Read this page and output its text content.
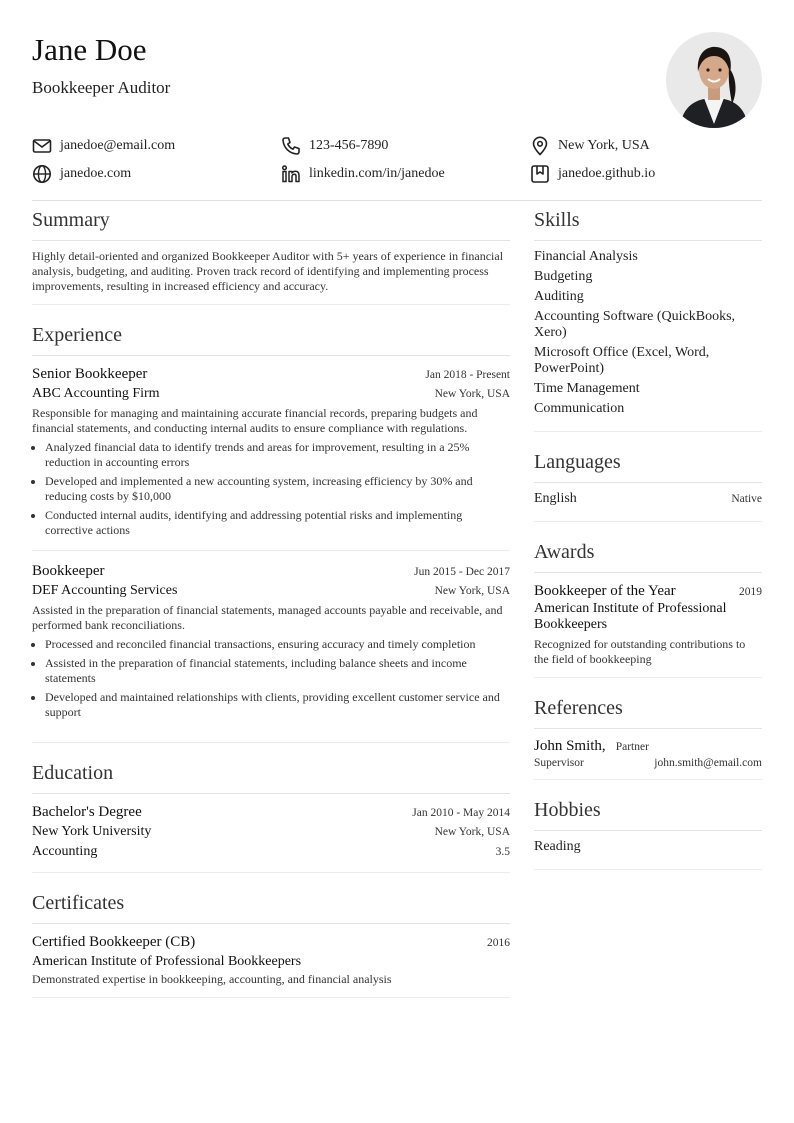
Jane Doe
Bookkeeper Auditor
janedoe@email.com	123-456-7890	New York, USA
janedoe.com	linkedin.com/in/janedoe	janedoe.github.io
Summary
Highly detail-oriented and organized Bookkeeper Auditor with 5+ years of experience in financial analysis, budgeting, and auditing. Proven track record of identifying and implementing process improvements, resulting in increased efficiency and accuracy.
Experience
Senior Bookkeeper	Jan 2018 - Present
ABC Accounting Firm	New York, USA
Responsible for managing and maintaining accurate financial records, preparing budgets and financial statements, and conducting internal audits to ensure compliance with regulations.
• Analyzed financial data to identify trends and areas for improvement, resulting in a 25% reduction in accounting errors
• Developed and implemented a new accounting system, increasing efficiency by 30% and reducing costs by $10,000
• Conducted internal audits, identifying and addressing potential risks and implementing corrective actions
Bookkeeper	Jun 2015 - Dec 2017
DEF Accounting Services	New York, USA
Assisted in the preparation of financial statements, managed accounts payable and receivable, and performed bank reconciliations.
• Processed and reconciled financial transactions, ensuring accuracy and timely completion
• Assisted in the preparation of financial statements, including balance sheets and income statements
• Developed and maintained relationships with clients, providing excellent customer service and support
Education
Bachelor's Degree	Jan 2010 - May 2014
New York University	New York, USA
Accounting	3.5
Certificates
Certified Bookkeeper (CB)	2016
American Institute of Professional Bookkeepers
Demonstrated expertise in bookkeeping, accounting, and financial analysis
Skills
Financial Analysis
Budgeting
Auditing
Accounting Software (QuickBooks, Xero)
Microsoft Office (Excel, Word, PowerPoint)
Time Management
Communication
Languages
English	Native
Awards
Bookkeeper of the Year	2019
American Institute of Professional Bookkeepers
Recognized for outstanding contributions to the field of bookkeeping
References
John Smith, Partner
Supervisor	john.smith@email.com
Hobbies
Reading
